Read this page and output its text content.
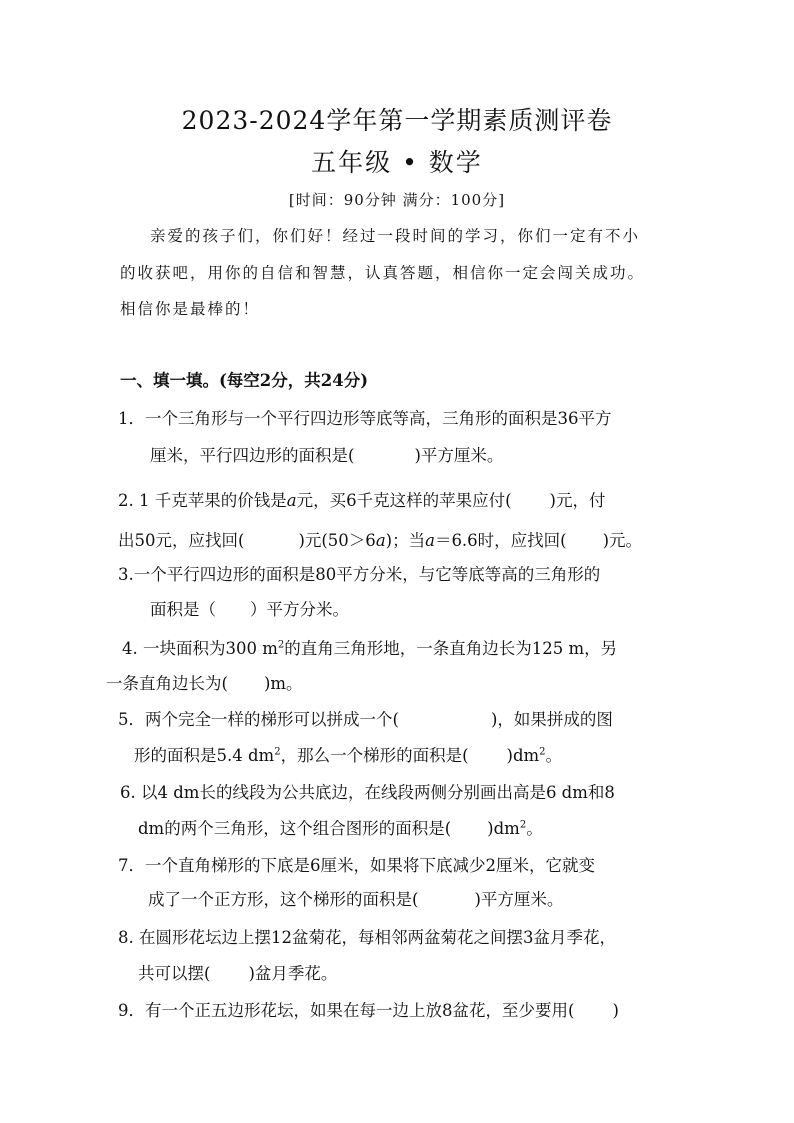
2023-2024学年第一学期素质测评卷
五年级 • 数学
[时间：90分钟 满分：100分]
亲爱的孩子们，你们好！经过一段时间的学习，你们一定有不小
的收获吧，用你的自信和智慧，认真答题，相信你一定会闯关成功。
相信你是最棒的！
一、填一填。(每空2分，共24分)
1．一个三角形与一个平行四边形等底等高，三角形的面积是36平方
厘米，平行四边形的面积是(	)平方厘米。
2. 1 千克苹果的价钱是a元，买6千克这样的苹果应付( )元，付
出50元，应找回(	)元(50＞6a)；当a＝6.6时，应找回( )元。
3.一个平行四边形的面积是80平方分米，与它等底等高的三角形的
面积是（ ）平方分米。
4. 一块面积为300 $m^2$的直角三角形地，一条直角边长为125 m，另
一条直角边长为( )m。
5．两个完全一样的梯形可以拼成一个(	)，如果拼成的图
形的面积是5.4 $dm^2$，那么一个梯形的面积是( )$dm^2$。
6. 以4 dm长的线段为公共底边，在线段两侧分别画出高是6 dm和8
dm的两个三角形，这个组合图形的面积是( )$dm^2$。
7．一个直角梯形的下底是6厘米，如果将下底减少2厘米，它就变
成了一个正方形，这个梯形的面积是(	)平方厘米。
8. 在圆形花坛边上摆12盆菊花，每相邻两盆菊花之间摆3盆月季花，
共可以摆( )盆月季花。
9．有一个正五边形花坛，如果在每一边上放8盆花，至少要用( )
